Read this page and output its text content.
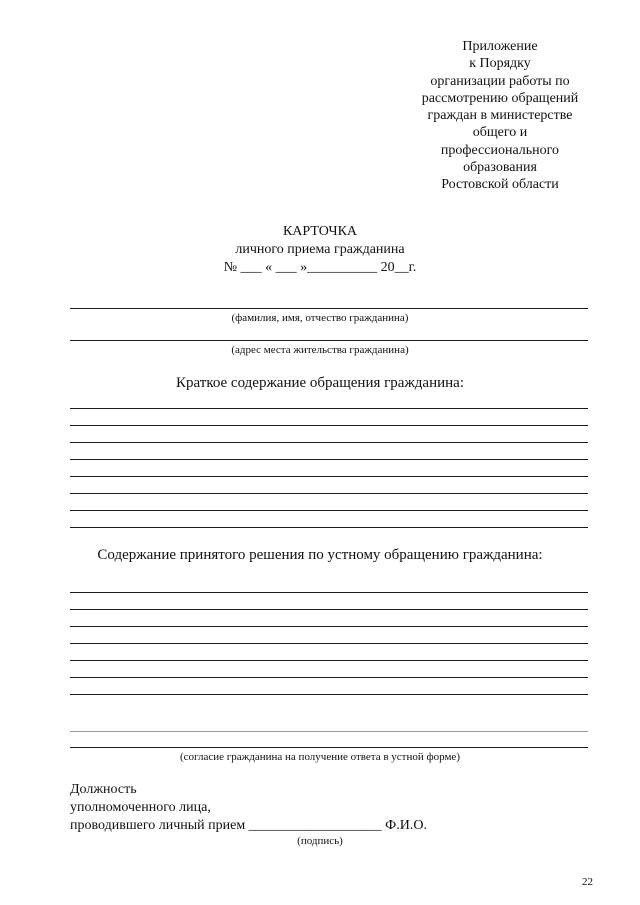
Приложение
к Порядку
организации работы по
рассмотрению обращений
граждан в министерстве
общего и
профессионального
образования
Ростовской области
КАРТОЧКА
личного приема гражданина
№ ___ « ___ »__________ 20__г.
(фамилия, имя, отчество гражданина)
(адрес места жительства гражданина)
Краткое содержание обращения гражданина:
Содержание принятого решения по устному обращению гражданина:
(согласие гражданина на получение ответа в устной форме)
Должность
уполномоченного лица,
проводившего личный прием ___________________ Ф.И.О.
(подпись)
22
